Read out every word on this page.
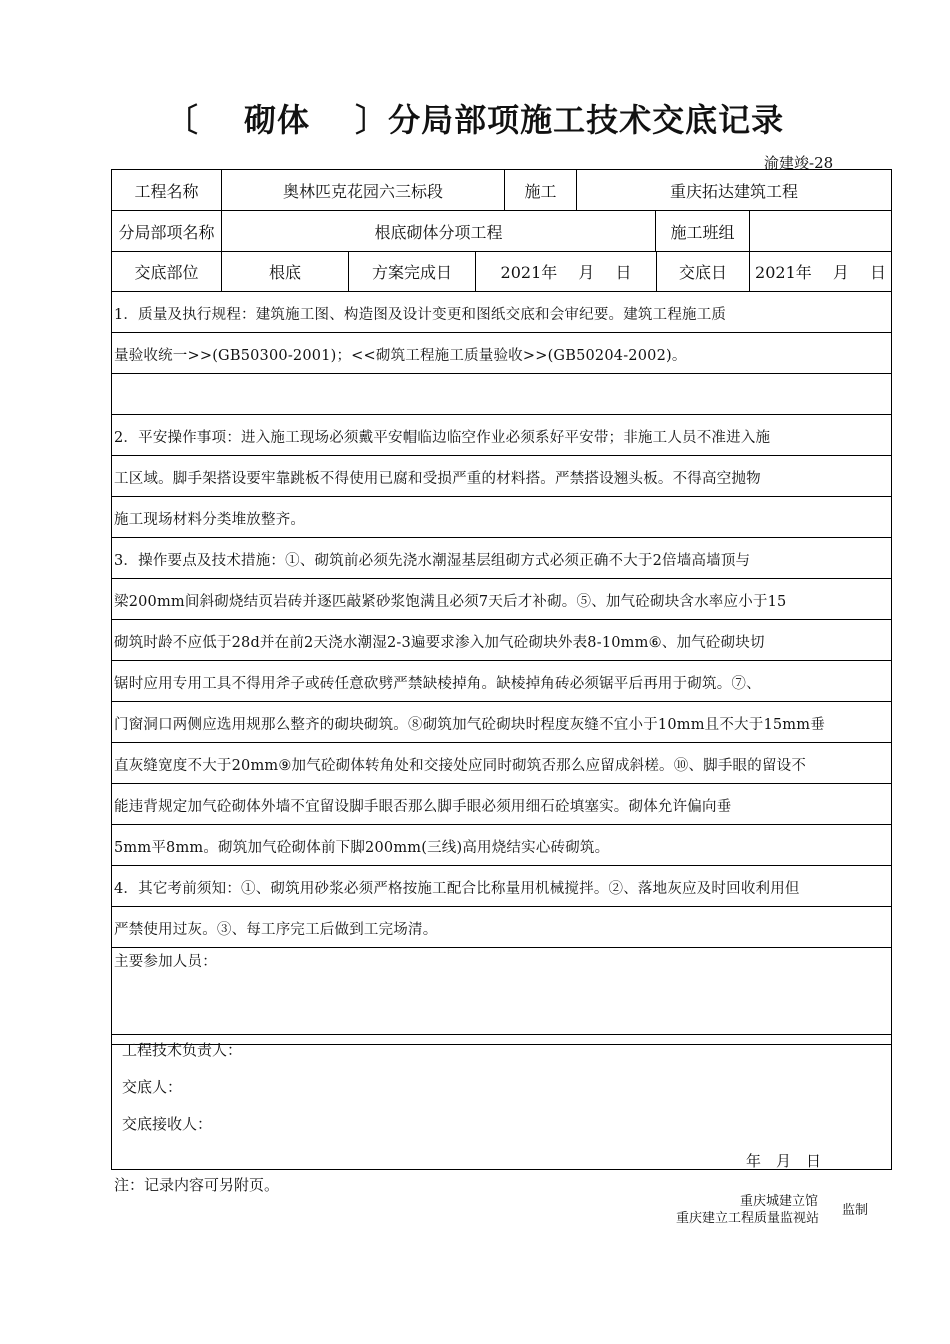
〔　 砌体　 〕分局部项施工技术交底记录
渝建竣-28
工程名称	奥林匹克花园六三标段	施工	重庆拓达建筑工程
分局部项名称	根底砌体分项工程	施工班组
交底部位	根底	方案完成日	2021年　 月　 日	交底日	2021年　 月　 日
1．质量及执行规程：建筑施工图、构造图及设计变更和图纸交底和会审纪要。建筑工程施工质
量验收统一>>(GB50300-2001)；<<砌筑工程施工质量验收>>(GB50204-2002)。
2．平安操作事项：进入施工现场必须戴平安帽临边临空作业必须系好平安带；非施工人员不准进入施
工区域。脚手架搭设要牢靠跳板不得使用已腐和受损严重的材料搭。严禁搭设翘头板。不得高空抛物
施工现场材料分类堆放整齐。
3．操作要点及技术措施：①、砌筑前必须先浇水潮湿基层组砌方式必须正确不大于2倍墙高墙顶与
梁200mm间斜砌烧结页岩砖并逐匹敲紧砂浆饱满且必须7天后才补砌。⑤、加气砼砌块含水率应小于15
砌筑时龄不应低于28d并在前2天浇水潮湿2-3遍要求渗入加气砼砌块外表8-10mm⑥、加气砼砌块切
锯时应用专用工具不得用斧子或砖任意砍劈严禁缺棱掉角。缺棱掉角砖必须锯平后再用于砌筑。⑦、
门窗洞口两侧应选用规那么整齐的砌块砌筑。⑧砌筑加气砼砌块时程度灰缝不宜小于10mm且不大于15mm垂
直灰缝宽度不大于20mm⑨加气砼砌体转角处和交接处应同时砌筑否那么应留成斜槎。⑩、脚手眼的留设不
能违背规定加气砼砌体外墙不宜留设脚手眼否那么脚手眼必须用细石砼填塞实。砌体允许偏向垂
5mm平8mm。砌筑加气砼砌体前下脚200mm(三线)高用烧结实心砖砌筑。
4．其它考前须知：①、砌筑用砂浆必须严格按施工配合比称量用机械搅拌。②、落地灰应及时回收利用但
严禁使用过灰。③、每工序完工后做到工完场清。
主要参加人员：
工程技术负责人：
交底人：
交底接收人：
年　月　日
注：记录内容可另附页。
重庆城建立馆
重庆建立工程质量监视站
监制
